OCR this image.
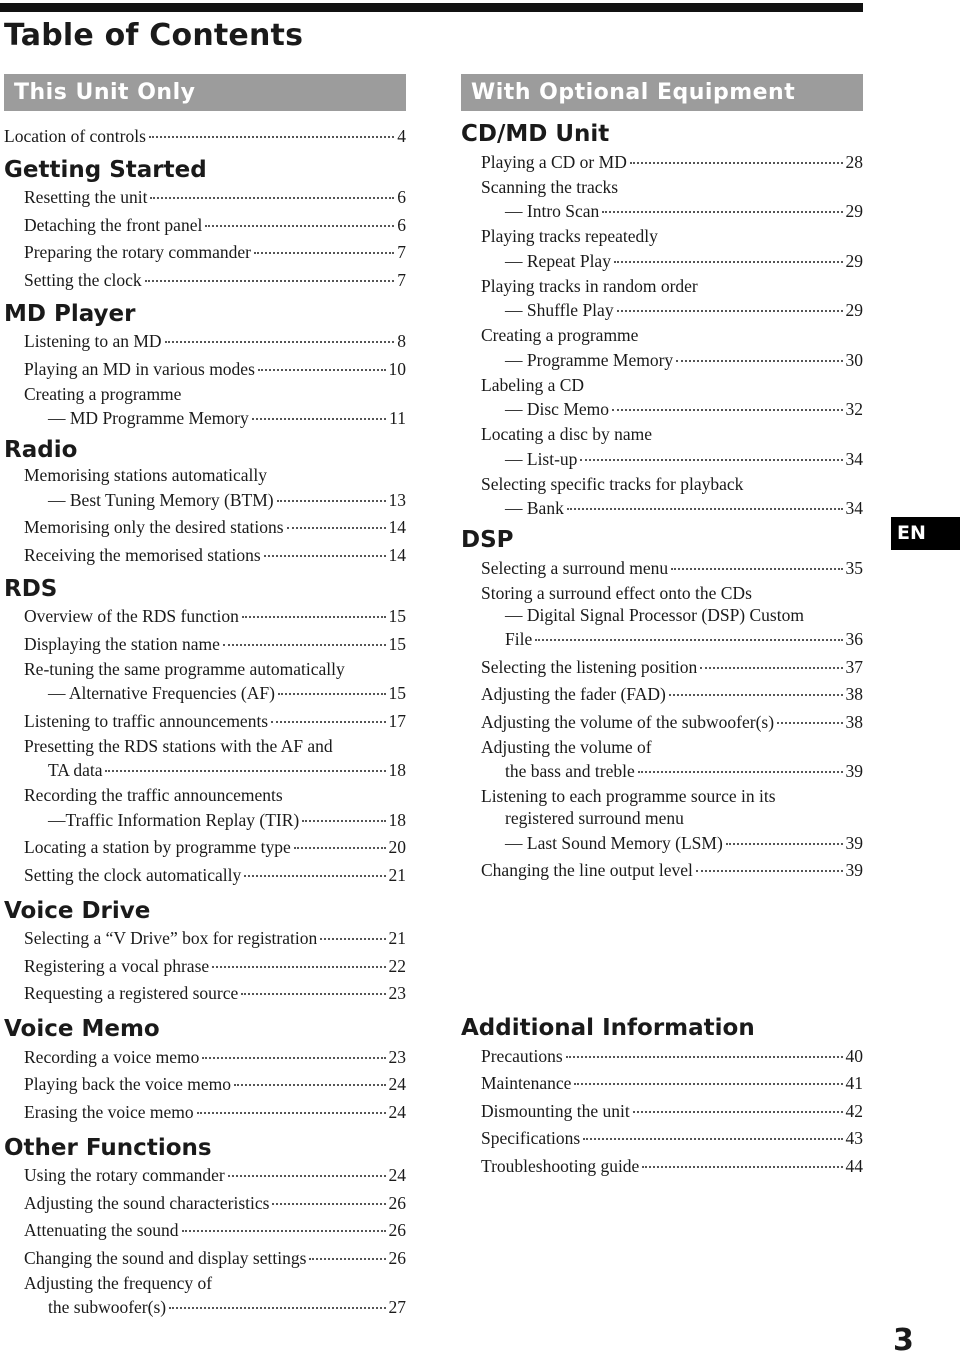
Table of Contents
This Unit Only
Location of controls	4
Getting Started
Resetting the unit	6
Detaching the front panel	6
Preparing the rotary commander	7
Setting the clock	7
MD Player
Listening to an MD	8
Playing an MD in various modes	10
Creating a programme
— MD Programme Memory	11
Radio
Memorising stations automatically
— Best Tuning Memory (BTM)	13
Memorising only the desired stations	14
Receiving the memorised stations	14
RDS
Overview of the RDS function	15
Displaying the station name	15
Re-tuning the same programme automatically
— Alternative Frequencies (AF)	15
Listening to traffic announcements	17
Presetting the RDS stations with the AF and
TA data	18
Recording the traffic announcements
—Traffic Information Replay (TIR)	18
Locating a station by programme type	20
Setting the clock automatically	21
Voice Drive
Selecting a “V Drive” box for registration	21
Registering a vocal phrase	22
Requesting a registered source	23
Voice Memo
Recording a voice memo	23
Playing back the voice memo	24
Erasing the voice memo	24
Other Functions
Using the rotary commander	24
Adjusting the sound characteristics	26
Attenuating the sound	26
Changing the sound and display settings	26
Adjusting the frequency of
the subwoofer(s)	27
With Optional Equipment
CD/MD Unit
Playing a CD or MD	28
Scanning the tracks
— Intro Scan	29
Playing tracks repeatedly
— Repeat Play	29
Playing tracks in random order
— Shuffle Play	29
Creating a programme
— Programme Memory	30
Labeling a CD
— Disc Memo	32
Locating a disc by name
— List-up	34
Selecting specific tracks for playback
— Bank	34
DSP
Selecting a surround menu	35
Storing a surround effect onto the CDs
— Digital Signal Processor (DSP) Custom
File	36
Selecting the listening position	37
Adjusting the fader (FAD)	38
Adjusting the volume of the subwoofer(s)	38
Adjusting the volume of
the bass and treble	39
Listening to each programme source in its
registered surround menu
— Last Sound Memory (LSM)	39
Changing the line output level	39
Additional Information
Precautions	40
Maintenance	41
Dismounting the unit	42
Specifications	43
Troubleshooting guide	44
EN
3
